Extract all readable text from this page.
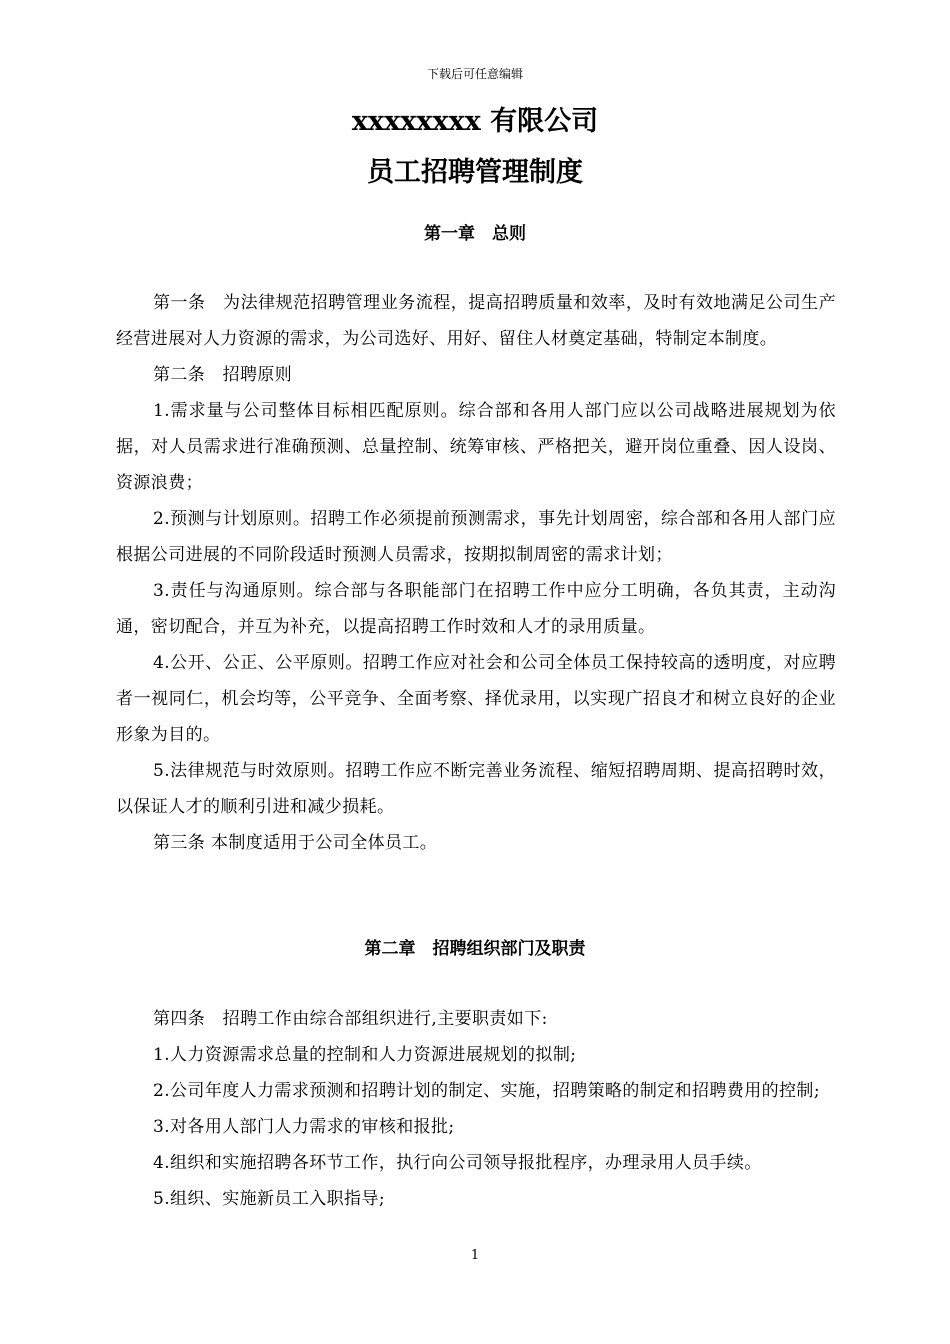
下载后可任意编辑
xxxxxxxx 有限公司
员工招聘管理制度
第一章　总则

第一条　为法律规范招聘管理业务流程，提高招聘质量和效率，及时有效地满足公司生产经营进展对人力资源的需求，为公司选好、用好、留住人材奠定基础，特制定本制度。

第二条　招聘原则

1.需求量与公司整体目标相匹配原则。综合部和各用人部门应以公司战略进展规划为依据，对人员需求进行准确预测、总量控制、统筹审核、严格把关，避开岗位重叠、因人设岗、资源浪费；

2.预测与计划原则。招聘工作必须提前预测需求，事先计划周密，综合部和各用人部门应根据公司进展的不同阶段适时预测人员需求，按期拟制周密的需求计划；

3.责任与沟通原则。综合部与各职能部门在招聘工作中应分工明确，各负其责，主动沟通，密切配合，并互为补充，以提高招聘工作时效和人才的录用质量。

4.公开、公正、公平原则。招聘工作应对社会和公司全体员工保持较高的透明度，对应聘者一视同仁，机会均等，公平竞争、全面考察、择优录用，以实现广招良才和树立良好的企业形象为目的。

5.法律规范与时效原则。招聘工作应不断完善业务流程、缩短招聘周期、提高招聘时效，以保证人才的顺利引进和减少损耗。

第三条 本制度适用于公司全体员工。

第二章　招聘组织部门及职责

第四条　招聘工作由综合部组织进行,主要职责如下:

1.人力资源需求总量的控制和人力资源进展规划的拟制;

2.公司年度人力需求预测和招聘计划的制定、实施，招聘策略的制定和招聘费用的控制;

3.对各用人部门人力需求的审核和报批;

4.组织和实施招聘各环节工作，执行向公司领导报批程序，办理录用人员手续。

5.组织、实施新员工入职指导;

1
